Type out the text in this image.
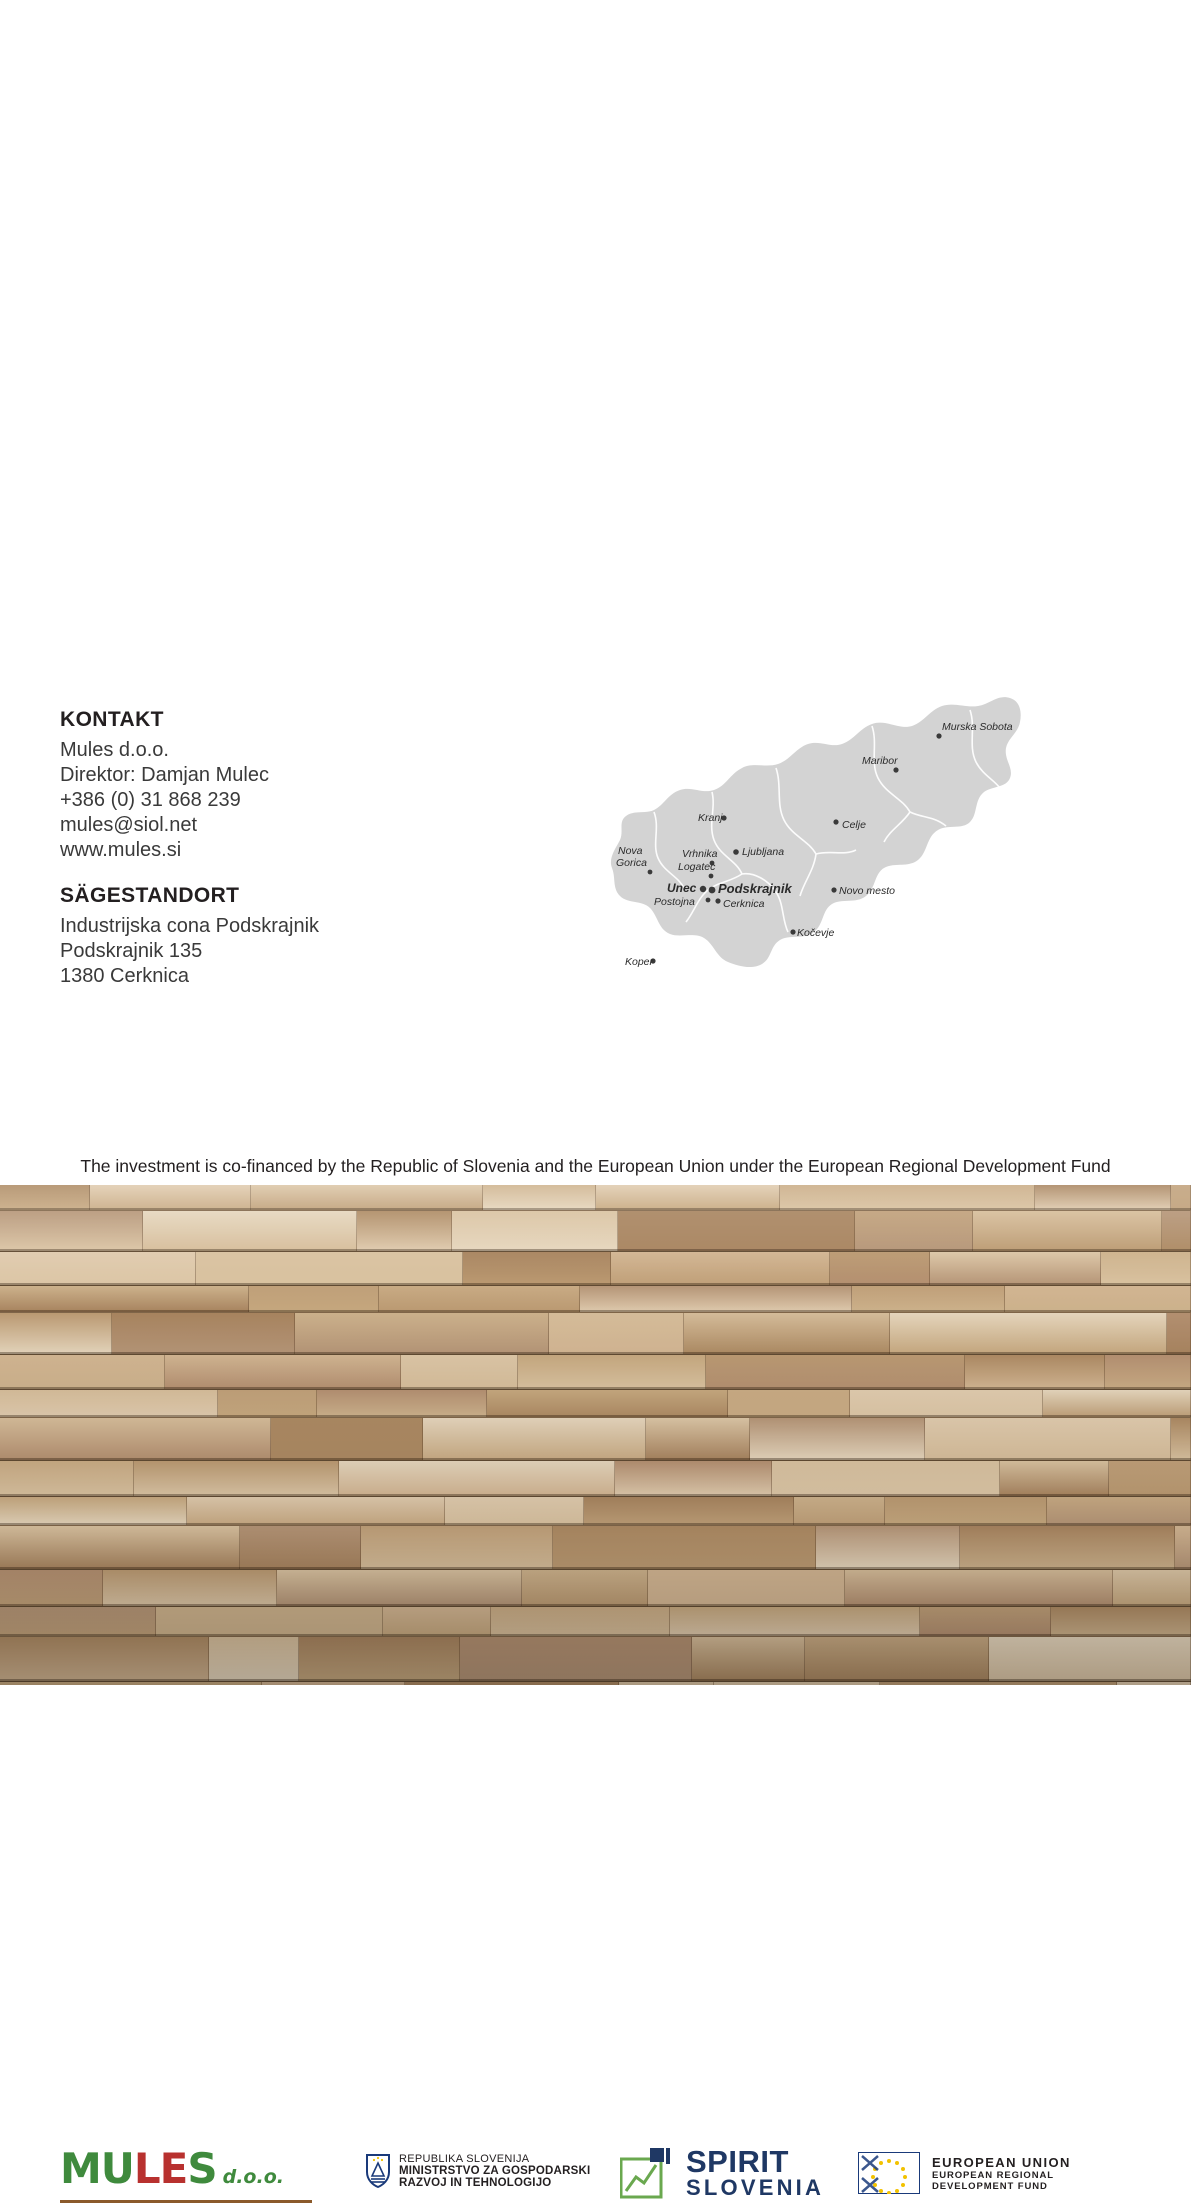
KONTAKT
Mules d.o.o.
Direktor: Damjan Mulec
+386 (0) 31 868 239
mules@siol.net
www.mules.si
SÄGESTANDORT
Industrijska cona Podskrajnik
Podskrajnik 135
1380 Cerknica
Murska Sobota
Maribor
Kranj
Celje
Ljubljana
Nova
Gorica
Vrhnika
Logatec
Unec Podskrajnik
Postojna	Cerknica
Novo mesto
Kočevje
Koper
MULES d.o.o.
REPUBLIKA SLOVENIJA
MINISTRSTVO ZA GOSPODARSKI
RAZVOJ IN TEHNOLOGIJO
SPIRIT
SLOVENIA
EUROPEAN UNION
EUROPEAN REGIONAL
DEVELOPMENT FUND
The investment is co-financed by the Republic of Slovenia and the European Union under the European Regional Development Fund
